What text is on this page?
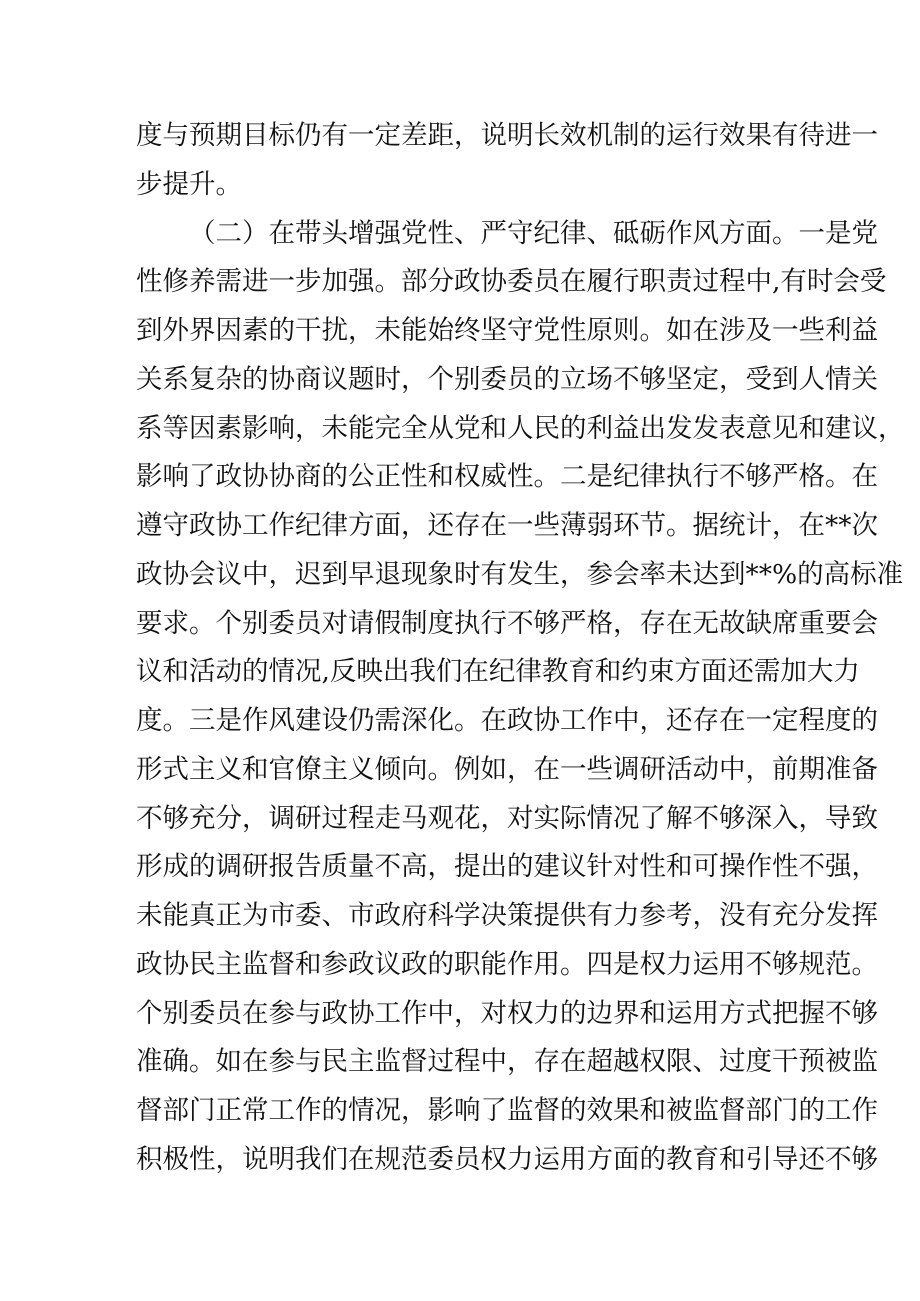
度与预期目标仍有一定差距，说明长效机制的运行效果有待进一
步提升。
（二）在带头增强党性、严守纪律、砥砺作风方面。一是党
性修养需进一步加强。部分政协委员在履行职责过程中,有时会受
到外界因素的干扰，未能始终坚守党性原则。如在涉及一些利益
关系复杂的协商议题时，个别委员的立场不够坚定，受到人情关
系等因素影响，未能完全从党和人民的利益出发发表意见和建议，
影响了政协协商的公正性和权威性。二是纪律执行不够严格。在
遵守政协工作纪律方面，还存在一些薄弱环节。据统计，在**次
政协会议中，迟到早退现象时有发生，参会率未达到**%的高标准
要求。个别委员对请假制度执行不够严格，存在无故缺席重要会
议和活动的情况,反映出我们在纪律教育和约束方面还需加大力
度。三是作风建设仍需深化。在政协工作中，还存在一定程度的
形式主义和官僚主义倾向。例如，在一些调研活动中，前期准备
不够充分，调研过程走马观花，对实际情况了解不够深入，导致
形成的调研报告质量不高，提出的建议针对性和可操作性不强，
未能真正为市委、市政府科学决策提供有力参考，没有充分发挥
政协民主监督和参政议政的职能作用。四是权力运用不够规范。
个别委员在参与政协工作中，对权力的边界和运用方式把握不够
准确。如在参与民主监督过程中，存在超越权限、过度干预被监
督部门正常工作的情况，影响了监督的效果和被监督部门的工作
积极性，说明我们在规范委员权力运用方面的教育和引导还不够
